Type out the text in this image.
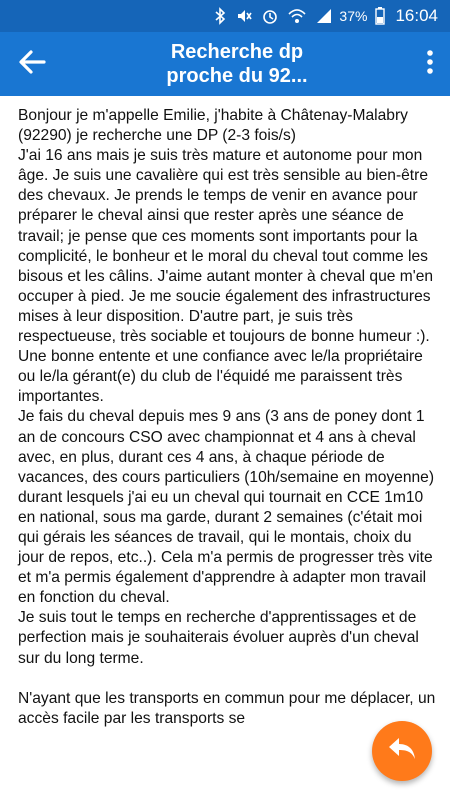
37% 16:04
Recherche dp
proche du 92...
Bonjour je m'appelle Emilie, j'habite à Châtenay-Malabry (92290) je recherche une DP (2-3 fois/s)
J'ai 16 ans mais je suis très mature et autonome pour mon âge. Je suis une cavalière qui est très sensible au bien-être des chevaux. Je prends le temps de venir en avance pour préparer le cheval ainsi que rester après une séance de travail; je pense que ces moments sont importants pour la complicité, le bonheur et le moral du cheval tout comme les bisous et les câlins. J'aime autant monter à cheval que m'en occuper à pied. Je me soucie également des infrastructures mises à leur disposition. D'autre part, je suis très respectueuse, très sociable et toujours de bonne humeur :). Une bonne entente et une confiance avec le/la propriétaire ou le/la gérant(e) du club de l'équidé me paraissent très importantes.
Je fais du cheval depuis mes 9 ans (3 ans de poney dont 1 an de concours CSO avec championnat et 4 ans à cheval avec, en plus, durant ces 4 ans, à chaque période de vacances, des cours particuliers (10h/semaine en moyenne) durant lesquels j'ai eu un cheval qui tournait en CCE 1m10 en national, sous ma garde, durant 2 semaines (c'était moi qui gérais les séances de travail, qui le montais, choix du jour de repos, etc..). Cela m'a permis de progresser très vite et m'a permis également d'apprendre à adapter mon travail en fonction du cheval.
Je suis tout le temps en recherche d'apprentissages et de perfection mais je souhaiterais évoluer auprès d'un cheval sur du long terme.

N'ayant que les transports en commun pour me déplacer, un accès facile par les transports se
